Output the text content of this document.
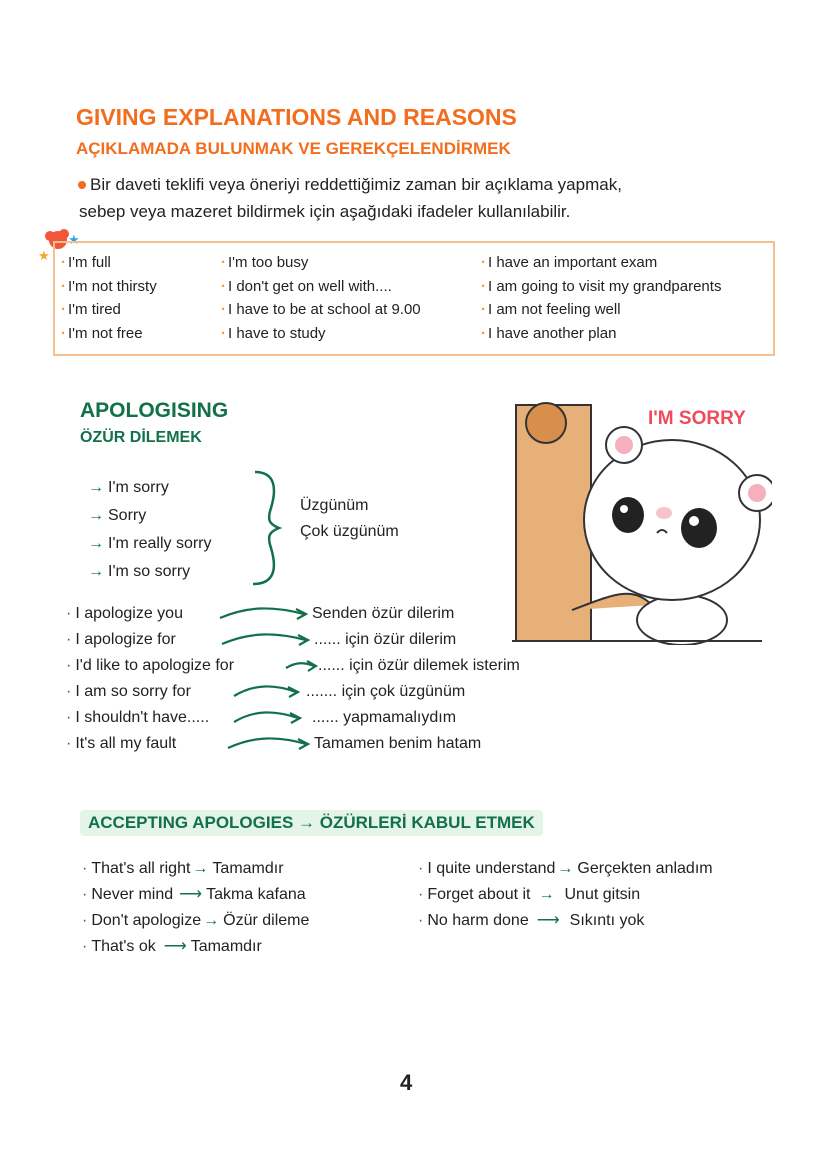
GIVING EXPLANATIONS AND REASONS
AÇIKLAMADA BULUNMAK VE GEREKÇELENDİRMEK
Bir daveti teklifi veya öneriyi reddettiğimiz zaman bir açıklama yapmak,
sebep veya mazeret bildirmek için aşağıdaki ifadeler kullanılabilir.
★
★ · I'm full
· I'm not thirsty
· I'm tired
· I'm not free
· I'm too busy
· I don't get on well with....
· I have to be at school at 9.00
· I have to study
· I have an important exam
· I am going to visit my grandparents
· I am not feeling well
· I have another plan
APOLOGISING
ÖZÜR DİLEMEK
→ I'm sorry
→ Sorry
→ I'm really sorry
→ I'm so sorry
Üzgünüm
Çok üzgünüm
I'M SORRY
· I apologize you	Senden özür dilerim
· I apologize for	...... için özür dilerim
· I'd like to apologize for	...... için özür dilemek isterim
· I am so sorry for	....... için çok üzgünüm
· I shouldn't have.....	...... yapmamalıydım
· It's all my fault	Tamamen benim hatam
ACCEPTING APOLOGIES → ÖZÜRLERİ KABUL ETMEK
· That's all right → Tamamdır
· Never mind ⟶ Takma kafana
· Don't apologize → Özür dileme
· That's ok ⟶ Tamamdır
· I quite understand → Gerçekten anladım
· Forget about it → Unut gitsin
· No harm done ⟶ Sıkıntı yok
4
